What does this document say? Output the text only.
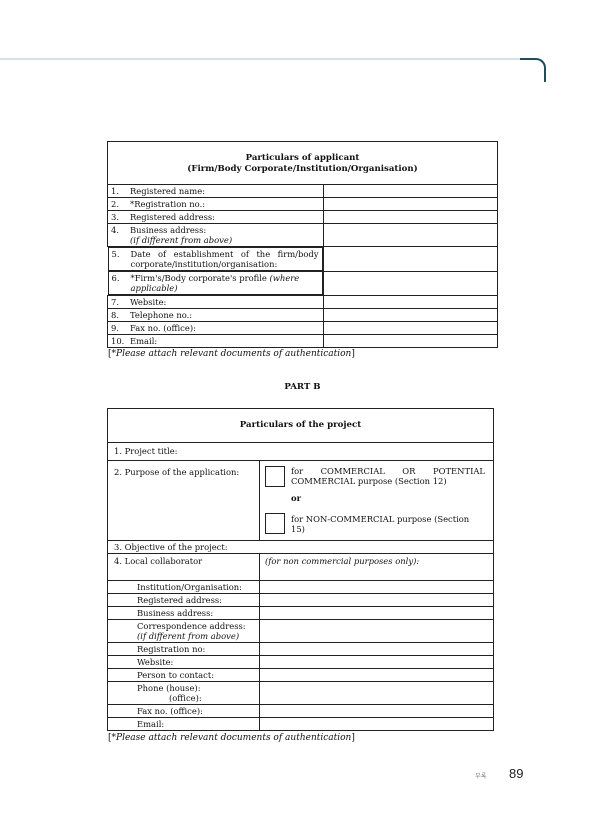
Particulars of applicant
(Firm/Body Corporate/Institution/Organisation)	

1. Registered name:	
2. *Registration no.:	
3. Registered address:	
4. Business address:
(if different from above)	

5.	Date of establishment of the firm/body corporate/institution/organisation:

6.	*Firm's/Body corporate's profile (where applicable)

7. Website:	
8. Telephone no.:	
9. Fax no. (office):	
10. Email:	
[*Please attach relevant documents of authentication]
PART B
Particulars of the project	
1. Project title:	
2. Purpose of the application:	for COMMERCIAL OR POTENTIAL
COMMERCIAL purpose (Section 12)
or
for NON-COMMERCIAL purpose (Section 15)

3. Objective of the project:	
4. Local collaborator	(for non commercial purposes only):

Institution/Organisation:	
Registered address:	
Business address:	

Correspondence address:
(if different from above)	

Registration no:	
Website:	
Person to contact:	

Phone (house):
(office):	

Fax no. (office):	
Email:	
[*Please attach relevant documents of authentication]
부록 89
